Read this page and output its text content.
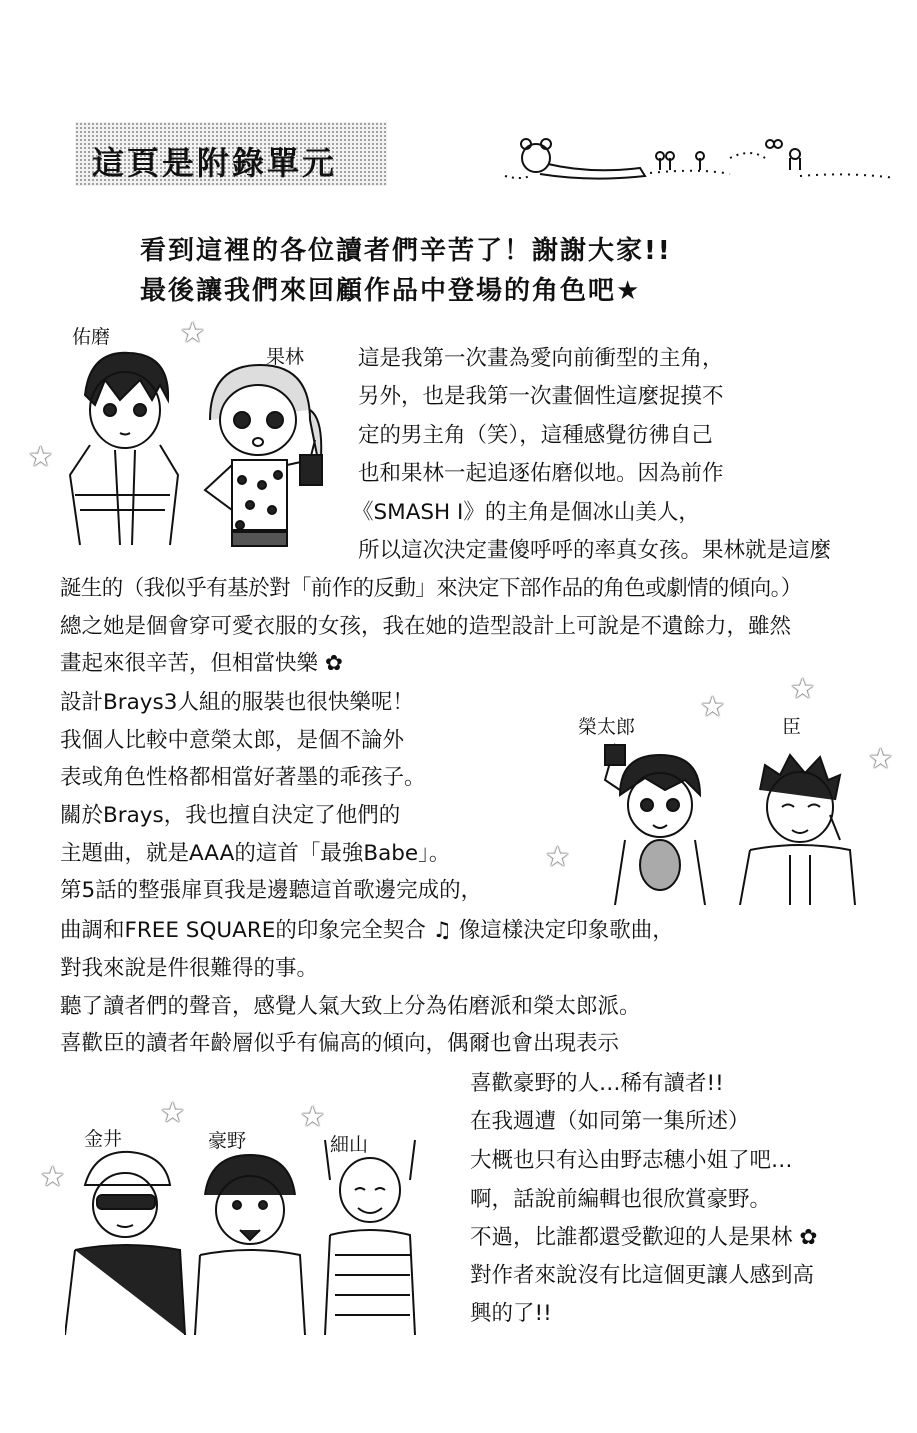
這頁是附錄單元
看到這裡的各位讀者們辛苦了！謝謝大家!!
最後讓我們來回顧作品中登場的角色吧★
佑磨
果林
榮太郎	臣
金井	豪野	細山
★
★
★
★
★
★
★	★
★
這是我第一次畫為愛向前衝型的主角，
另外，也是我第一次畫個性這麼捉摸不
定的男主角（笑），這種感覺彷彿自己
也和果林一起追逐佑磨似地。因為前作
《SMASH I》的主角是個冰山美人，
所以這次決定畫傻呼呼的率真女孩。果林就是這麼
誕生的（我似乎有基於對「前作的反動」來決定下部作品的角色或劇情的傾向。）
總之她是個會穿可愛衣服的女孩，我在她的造型設計上可說是不遺餘力，雖然
畫起來很辛苦，但相當快樂 ✿
設計Brays3人組的服裝也很快樂呢！
我個人比較中意榮太郎，是個不論外
表或角色性格都相當好著墨的乖孩子。
關於Brays，我也擅自決定了他們的
主題曲，就是AAA的這首「最強Babe」。
第5話的整張扉頁我是邊聽這首歌邊完成的，
曲調和FREE SQUARE的印象完全契合 ♫ 像這樣決定印象歌曲，
對我來說是件很難得的事。
聽了讀者們的聲音，感覺人氣大致上分為佑磨派和榮太郎派。
喜歡臣的讀者年齡層似乎有偏高的傾向，偶爾也會出現表示
喜歡豪野的人…稀有讀者!!
在我週遭（如同第一集所述）
大概也只有込由野志穗小姐了吧…
啊，話說前編輯也很欣賞豪野。
不過，比誰都還受歡迎的人是果林 ✿
對作者來說沒有比這個更讓人感到高
興的了!!
